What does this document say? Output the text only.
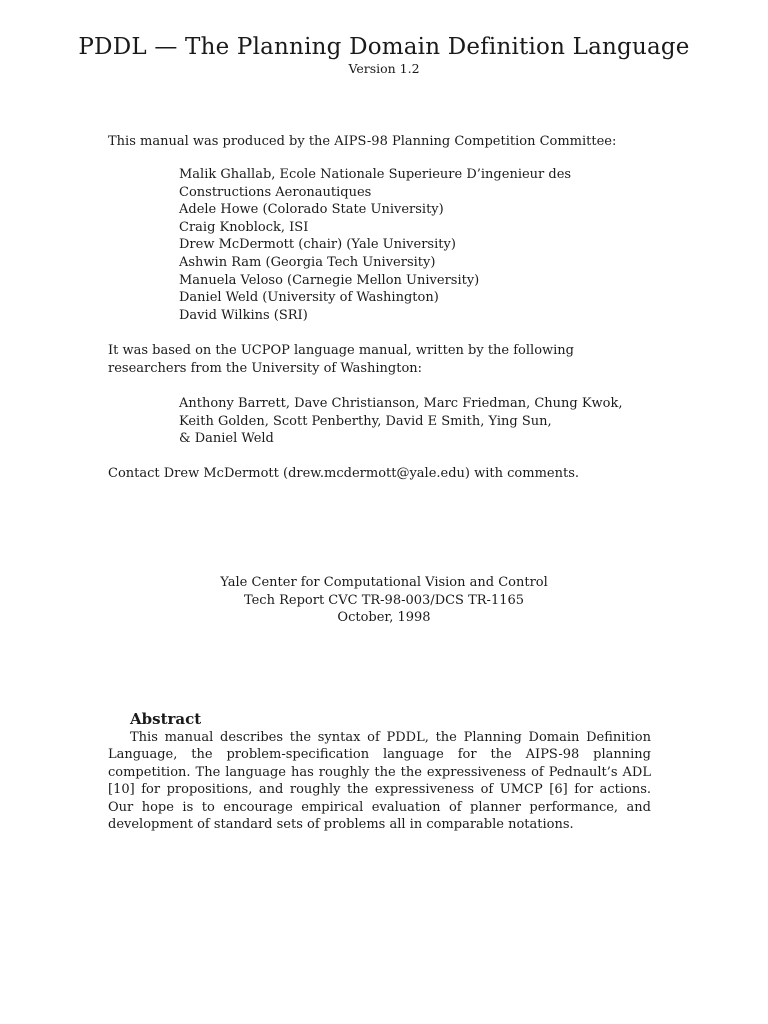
PDDL — The Planning Domain Definition Language
Version 1.2
This manual was produced by the AIPS-98 Planning Competition Committee:
Malik Ghallab, Ecole Nationale Superieure D’ingenieur des
Constructions Aeronautiques
Adele Howe (Colorado State University)
Craig Knoblock, ISI
Drew McDermott (chair) (Yale University)
Ashwin Ram (Georgia Tech University)
Manuela Veloso (Carnegie Mellon University)
Daniel Weld (University of Washington)
David Wilkins (SRI)
It was based on the UCPOP language manual, written by the following
researchers from the University of Washington:
Anthony Barrett, Dave Christianson, Marc Friedman, Chung Kwok,
Keith Golden, Scott Penberthy, David E Smith, Ying Sun,
& Daniel Weld
Contact Drew McDermott (drew.mcdermott@yale.edu) with comments.
Yale Center for Computational Vision and Control
Tech Report CVC TR-98-003/DCS TR-1165
October, 1998
Abstract

This manual describes the syntax of PDDL, the Planning Domain Definition Language, the problem-specification language for the AIPS-98 planning competition. The language has roughly the the expressiveness of Pednault’s ADL [10] for propositions, and roughly the expressiveness of UMCP [6] for actions. Our hope is to encourage empirical evaluation of planner performance, and development of standard sets of problems all in comparable notations.
